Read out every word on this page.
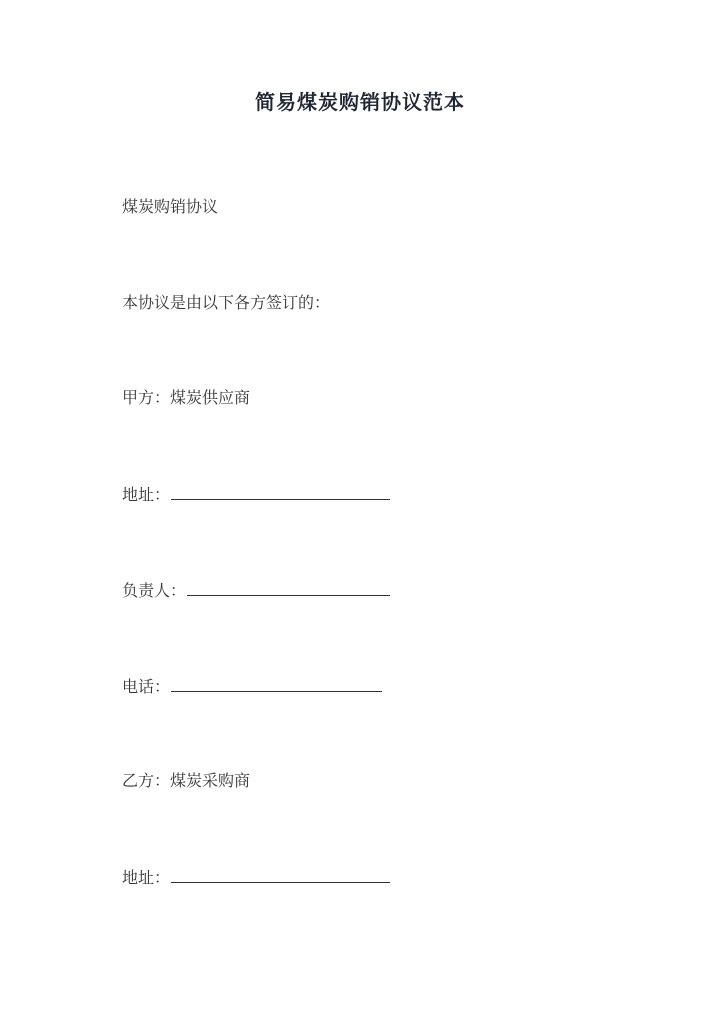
简易煤炭购销协议范本
煤炭购销协议
本协议是由以下各方签订的：
甲方：煤炭供应商
地址：
负责人：
电话：
乙方：煤炭采购商
地址：
